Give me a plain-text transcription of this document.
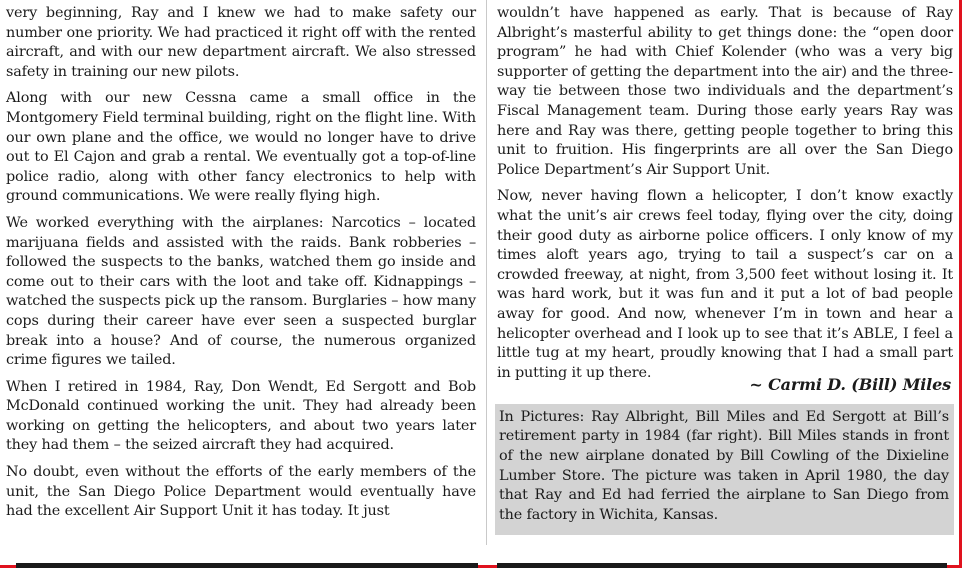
very beginning, Ray and I knew we had to make safety our number one priority. We had practiced it right off with the rented aircraft, and with our new department aircraft. We also stressed safety in training our new pilots.

Along with our new Cessna came a small office in the Montgomery Field terminal building, right on the flight line. With our own plane and the office, we would no longer have to drive out to El Cajon and grab a rental. We eventually got a top-of-line police radio, along with other fancy electronics to help with ground communications. We were really flying high.

We worked everything with the airplanes: Narcotics – located marijuana fields and assisted with the raids. Bank robberies – followed the suspects to the banks, watched them go inside and come out to their cars with the loot and take off. Kidnappings – watched the suspects pick up the ransom. Burglaries – how many cops during their career have ever seen a suspected burglar break into a house? And of course, the numerous organized crime figures we tailed.

When I retired in 1984, Ray, Don Wendt, Ed Sergott and Bob McDonald continued working the unit. They had already been working on getting the helicopters, and about two years later they had them – the seized aircraft they had acquired.

No doubt, even without the efforts of the early members of the unit, the San Diego Police Department would eventually have had the excellent Air Support Unit it has today. It just

wouldn’t have happened as early. That is because of Ray Albright’s masterful ability to get things done: the “open door program” he had with Chief Kolender (who was a very big supporter of getting the department into the air) and the three-way tie between those two individuals and the department’s Fiscal Management team. During those early years Ray was here and Ray was there, getting people together to bring this unit to fruition. His fingerprints are all over the San Diego Police Department’s Air Support Unit.

Now, never having flown a helicopter, I don’t know exactly what the unit’s air crews feel today, flying over the city, doing their good duty as airborne police officers. I only know of my times aloft years ago, trying to tail a suspect’s car on a crowded freeway, at night, from 3,500 feet without losing it. It was hard work, but it was fun and it put a lot of bad people away for good. And now, whenever I’m in town and hear a helicopter overhead and I look up to see that it’s ABLE, I feel a little tug at my heart, proudly knowing that I had a small part in putting it up there.

~ Carmi D. (Bill) Miles

In Pictures: Ray Albright, Bill Miles and Ed Sergott at Bill’s retirement party in 1984 (far right). Bill Miles stands in front of the new airplane donated by Bill Cowling of the Dixieline Lumber Store. The picture was taken in April 1980, the day that Ray and Ed had ferried the airplane to San Diego from the factory in Wichita, Kansas.
